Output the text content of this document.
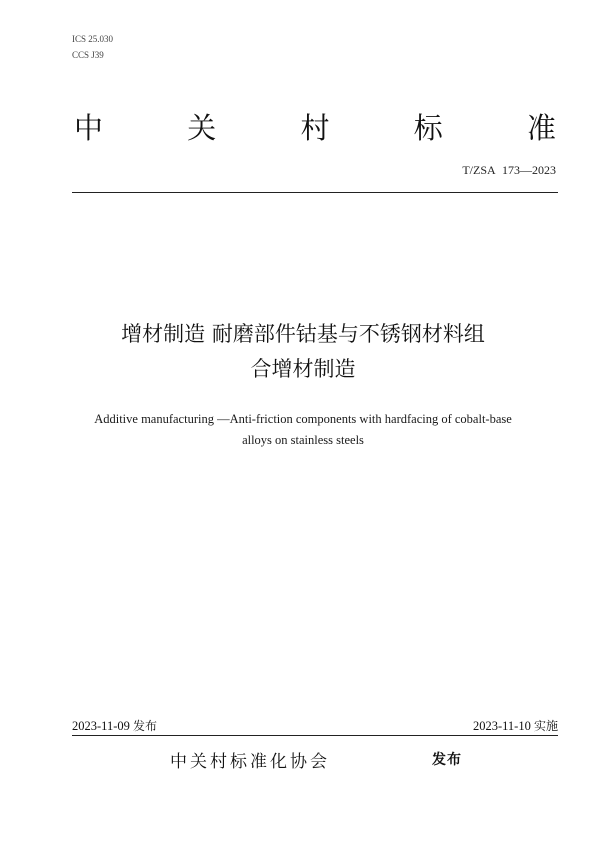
ICS 25.030
CCS J39
中	关	村	标	准
T/ZSA 173—2023
增材制造 耐磨部件钴基与不锈钢材料组
合增材制造
Additive manufacturing —Anti-friction components with hardfacing of cobalt-base
alloys on stainless steels
2023-11-09 发布	2023-11-10 实施
中关村标准化协会	发布
